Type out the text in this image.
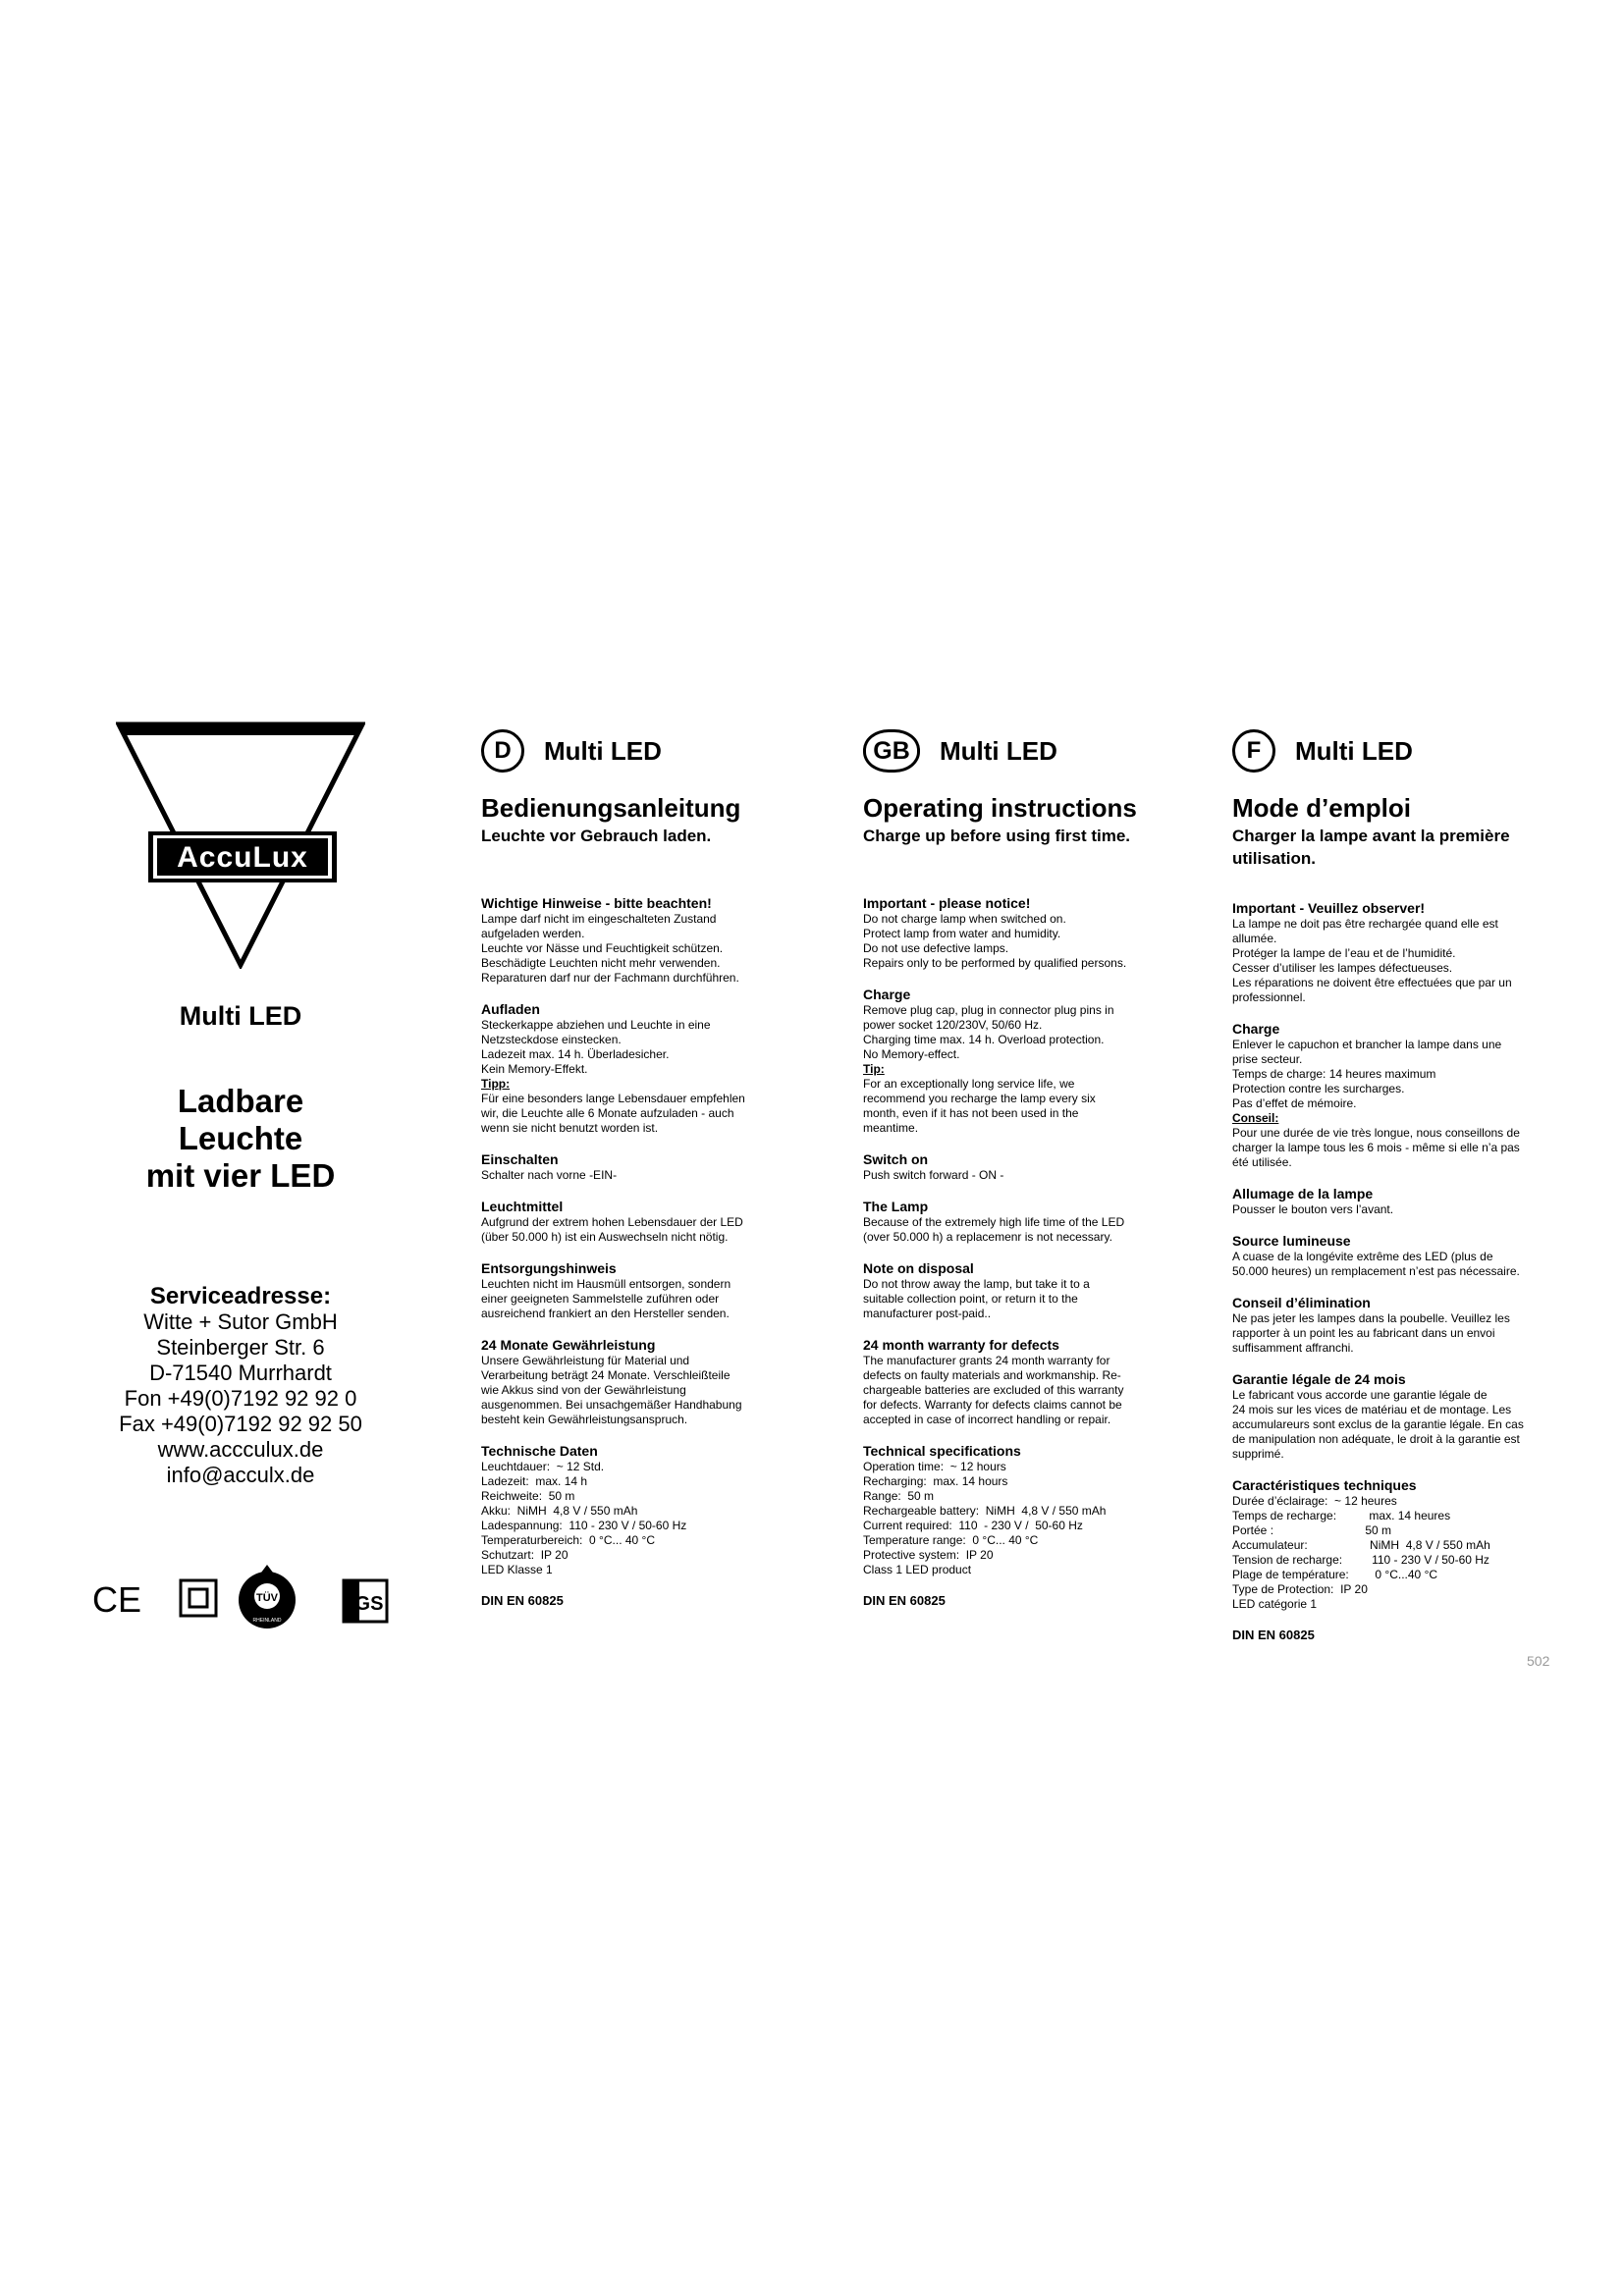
AccuLux
Multi LED
Ladbare
Leuchte
mit vier LED
Serviceadresse:
Witte + Sutor GmbH
Steinberger Str. 6
D-71540 Murrhardt
Fon +49(0)7192 92 92 0
Fax +49(0)7192 92 92 50
www.accculux.de
info@acculx.de
CE	TÜV
RHEINLAND
GS
D	Multi LED
Bedienungsanleitung
Leuchte vor Gebrauch laden.
Wichtige Hinweise - bitte beachten!
Lampe darf nicht im eingeschalteten Zustand
aufgeladen werden.
Leuchte vor Nässe und Feuchtigkeit schützen.
Beschädigte Leuchten nicht mehr verwenden.
Reparaturen darf nur der Fachmann durchführen.
Aufladen
Steckerkappe abziehen und Leuchte in eine
Netzsteckdose einstecken.
Ladezeit max. 14 h. Überladesicher.
Kein Memory-Effekt.
Tipp:
Für eine besonders lange Lebensdauer empfehlen
wir, die Leuchte alle 6 Monate aufzuladen - auch
wenn sie nicht benutzt worden ist.
Einschalten
Schalter nach vorne -EIN-
Leuchtmittel
Aufgrund der extrem hohen Lebensdauer der LED
(über 50.000 h) ist ein Auswechseln nicht nötig.
Entsorgungshinweis
Leuchten nicht im Hausmüll entsorgen, sondern
einer geeigneten Sammelstelle zuführen oder
ausreichend frankiert an den Hersteller senden.
24 Monate Gewährleistung
Unsere Gewährleistung für Material und
Verarbeitung beträgt 24 Monate. Verschleißteile
wie Akkus sind von der Gewährleistung
ausgenommen. Bei unsachgemäßer Handhabung
besteht kein Gewährleistungsanspruch.
Technische Daten
Leuchtdauer:  ~ 12 Std.
Ladezeit:  max. 14 h
Reichweite:  50 m
Akku:  NiMH  4,8 V / 550 mAh
Ladespannung:  110 - 230 V / 50-60 Hz
Temperaturbereich:  0 °C... 40 °C
Schutzart:  IP 20
LED Klasse 1
DIN EN 60825
GB	Multi LED
Operating instructions
Charge up before using first time.
Important - please notice!
Do not charge lamp when switched on.
Protect lamp from water and humidity.
Do not use defective lamps.
Repairs only to be performed by qualified persons.
Charge
Remove plug cap, plug in connector plug pins in
power socket 120/230V, 50/60 Hz.
Charging time max. 14 h. Overload protection.
No Memory-effect.
Tip:
For an exceptionally long service life, we
recommend you recharge the lamp every six
month, even if it has not been used in the
meantime.
Switch on
Push switch forward - ON -
The Lamp
Because of the extremely high life time of the LED
(over 50.000 h) a replacemenr is not necessary.
Note on disposal
Do not throw away the lamp, but take it to a
suitable collection point, or return it to the
manufacturer post-paid..
24 month warranty for defects
The manufacturer grants 24 month warranty for
defects on faulty materials and workmanship. Re-
chargeable batteries are excluded of this warranty
for defects. Warranty for defects claims cannot be
accepted in case of incorrect handling or repair.
Technical specifications
Operation time:  ~ 12 hours
Recharging:  max. 14 hours
Range:  50 m
Rechargeable battery:  NiMH  4,8 V / 550 mAh
Current required:  110  - 230 V /  50-60 Hz
Temperature range:  0 °C... 40 °C
Protective system:  IP 20
Class 1 LED product
DIN EN 60825
F	Multi LED
Mode d’emploi
Charger la lampe avant la première
utilisation.
Important - Veuillez observer!
La lampe ne doit pas être rechargée quand elle est
allumée.
Protéger la lampe de l’eau et de l’humidité.
Cesser d’utiliser les lampes défectueuses.
Les réparations ne doivent être effectuées que par un
professionnel.
Charge
Enlever le capuchon et brancher la lampe dans une
prise secteur.
Temps de charge: 14 heures maximum
Protection contre les surcharges.
Pas d’effet de mémoire.
Conseil:
Pour une durée de vie très longue, nous conseillons de
charger la lampe tous les 6 mois - même si elle n’a pas
été utilisée.
Allumage de la lampe
Pousser le bouton vers l’avant.
Source lumineuse
A cuase de la longévite extrême des LED (plus de
50.000 heures) un remplacement n’est pas nécessaire.
Conseil d’élimination
Ne pas jeter les lampes dans la poubelle. Veuillez les
rapporter à un point les au fabricant dans un envoi
suffisamment affranchi.
Garantie légale de 24 mois
Le fabricant vous accorde une garantie légale de
24 mois sur les vices de matériau et de montage. Les
accumulareurs sont exclus de la garantie légale. En cas
de manipulation non adéquate, le droit à la garantie est
supprimé.
Caractéristiques techniques
Durée d’éclairage:  ~ 12 heures
Temps de recharge:          max. 14 heures
Portée :                            50 m
Accumulateur:                   NiMH  4,8 V / 550 mAh
Tension de recharge:         110 - 230 V / 50-60 Hz
Plage de température:        0 °C...40 °C
Type de Protection:  IP 20
LED catégorie 1
DIN EN 60825
502
